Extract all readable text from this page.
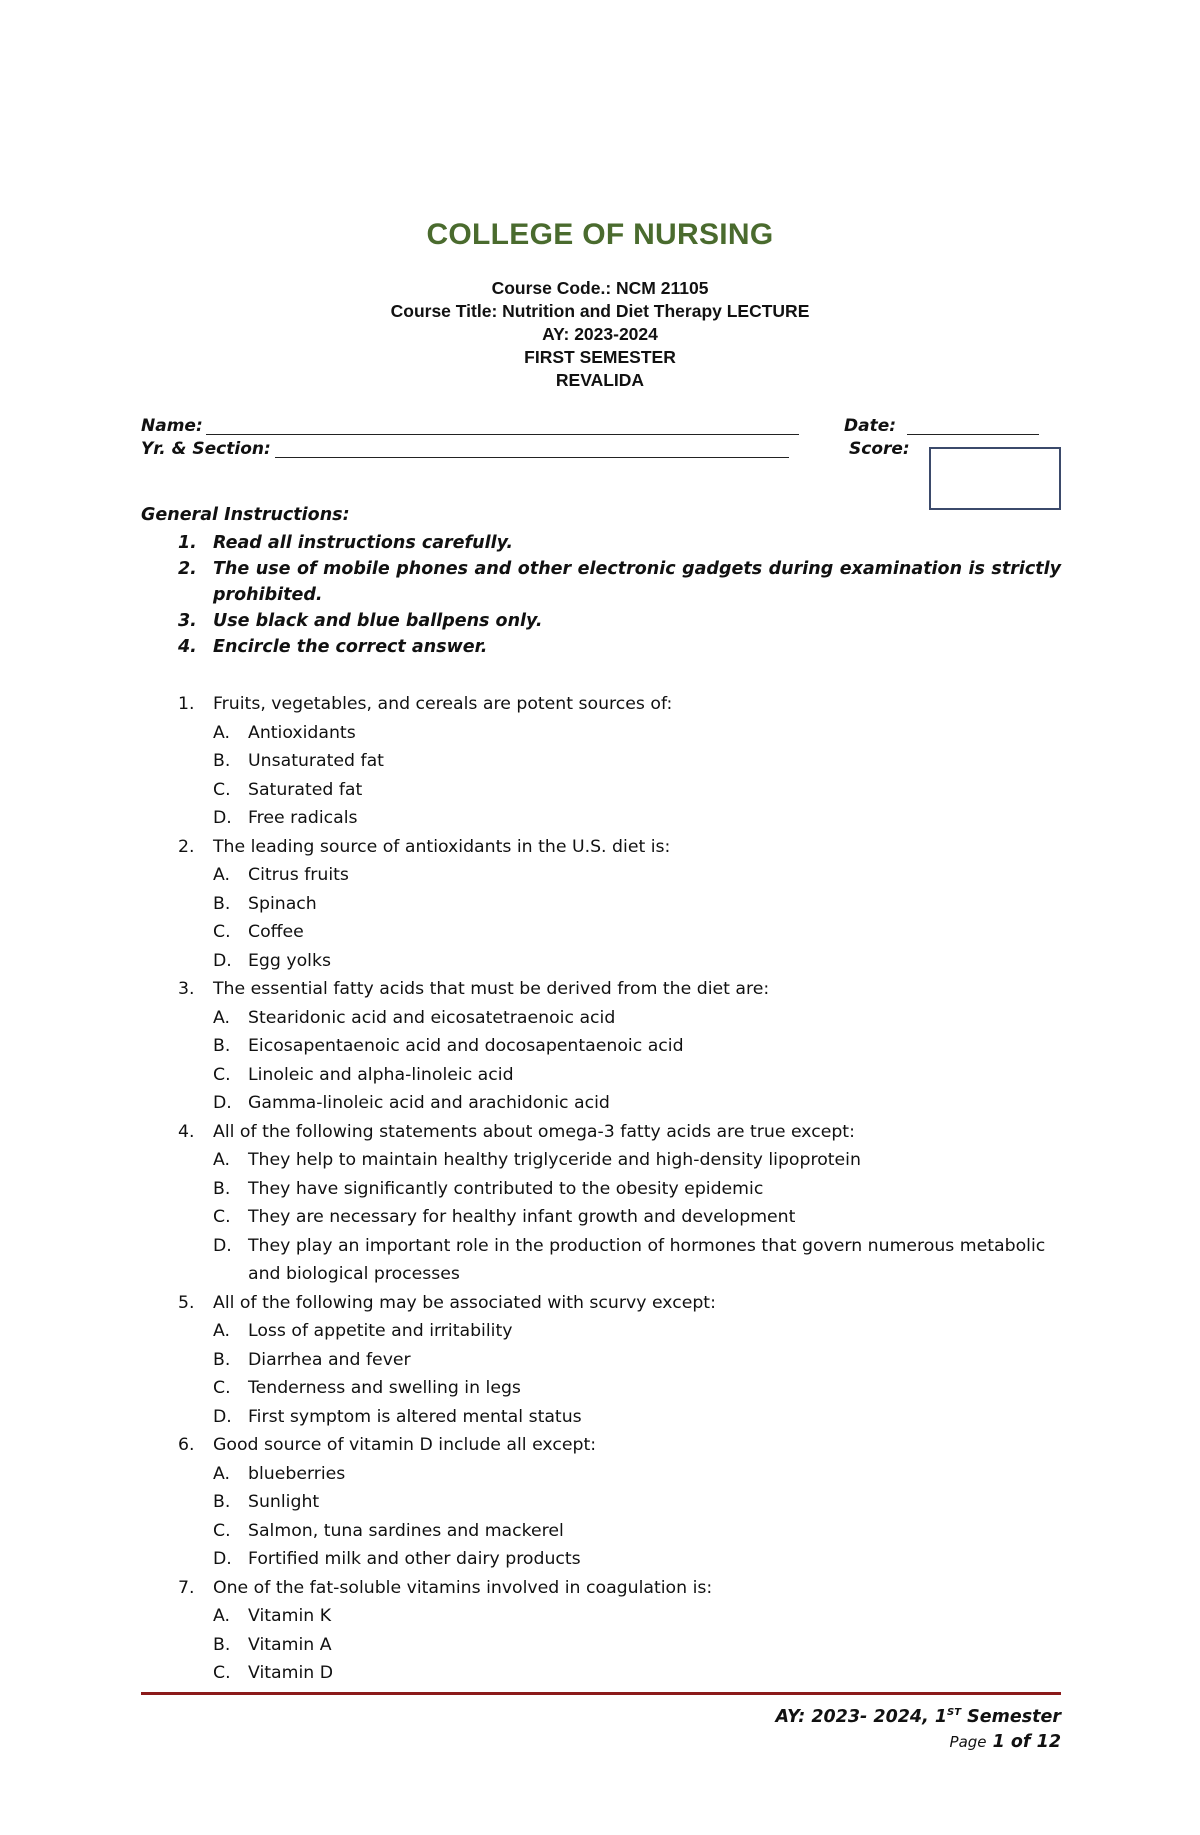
COLLEGE OF NURSING
Course Code.: NCM 21105
Course Title: Nutrition and Diet Therapy LECTURE
AY: 2023-2024
FIRST SEMESTER
REVALIDA
Name:	Date:
Yr. & Section:	Score:
General Instructions:
1. Read all instructions carefully.
2. The use of mobile phones and other electronic gadgets during examination is strictly prohibited.
3. Use black and blue ballpens only.
4. Encircle the correct answer.
1. Fruits, vegetables, and cereals are potent sources of:
A. Antioxidants
B. Unsaturated fat
C. Saturated fat
D. Free radicals
2. The leading source of antioxidants in the U.S. diet is:
A. Citrus fruits
B. Spinach
C. Coffee
D. Egg yolks
3. The essential fatty acids that must be derived from the diet are:
A. Stearidonic acid and eicosatetraenoic acid
B. Eicosapentaenoic acid and docosapentaenoic acid
C. Linoleic and alpha-linoleic acid
D. Gamma-linoleic acid and arachidonic acid
4. All of the following statements about omega-3 fatty acids are true except:
A. They help to maintain healthy triglyceride and high-density lipoprotein
B. They have significantly contributed to the obesity epidemic
C. They are necessary for healthy infant growth and development
D. They play an important role in the production of hormones that govern numerous metabolic and biological processes
5. All of the following may be associated with scurvy except:
A. Loss of appetite and irritability
B. Diarrhea and fever
C. Tenderness and swelling in legs
D. First symptom is altered mental status
6. Good source of vitamin D include all except:
A. blueberries
B. Sunlight
C. Salmon, tuna sardines and mackerel
D. Fortified milk and other dairy products
7. One of the fat-soluble vitamins involved in coagulation is:
A. Vitamin K
B. Vitamin A
C. Vitamin D
AY: 2023- 2024, 1ST Semester
Page 1 of 12
